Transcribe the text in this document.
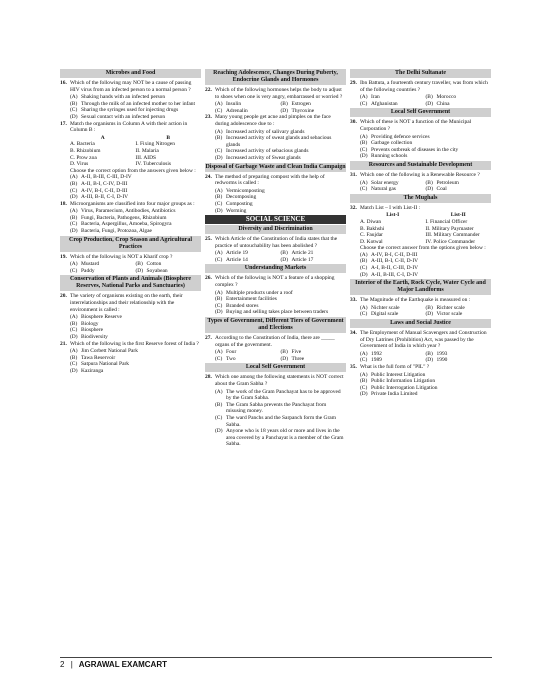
Microbes and Food
16. Which of the following may NOT be a cause of passing HIV virus from an infected person to a normal person ?
(A) Shaking hands with an infected person
(B) Through the milk of an infected mother to her infant
(C) Sharing the syringes used for injecting drugs
(D) Sexual contact with an infected person
17. Match the organisms in Column A with their action in Column B :
A	B
A. Bacteria	I. Fixing Nitrogen
B. Rhizobium	II. Malaria
C. Prow zoa	III. AIDS
D. Virus	IV. Tuberculosis
Choose the correct option from the answers given below :
(A) A-II, B-III, C-III, D-IV
(B) A-II, B-I, C-IV, D-III
(C) A-IV, B-I, C-II, D-III
(D) A-III, B-II, C-I, D-IV
18. Microorganisms are classified into four major groups as :
(A) Virus, Paramecium, Antibodies, Antibiotics
(B) Fungi, Bacteria, Pathogens, Rhizobium
(C) Bacteria, Aspergillus, Amoeba, Spirogyra
(D) Bacteria, Fungi, Protozoa, Algae
Crop Production, Crop Season and Agricultural Practices
19. Which of the following is NOT a Kharif crop ?
(A) Mustard	(B) Cotton
(C) Paddy	(D) Soyabean
Conservation of Plants and Animals (Biosphere Reserves, National Parks and Sanctuaries)
20. The variety of organisms existing on the earth, their interrelationships and their relationship with the environment is called :
(A) Biosphere Reserve
(B) Biology
(C) Biosphere
(D) Biodiversity
21. Which of the following is the first Reserve forest of India ?
(A) Jim Corbett National Park
(B) Tawa Reservoir
(C) Satpura National Park
(D) Kaziranga
Reaching Adolescence, Changes During Puberty, Endocrine Glands and Hormones
22. Which of the following hormones helps the body to adjust to shoes when one is very angry, embarrassed or worried ?
(A) Insulin	(B) Estrogen
(C) Adrenalin	(D) Thyroxine
23. Many young people get acne and pimples on the face during adolescence due to :
(A) Increased activity of salivary glands
(B) Increased activity of sweat glands and sebacious glands
(C) Increased activity of sebacious glands
(D) Increased activity of Sweat glands
Disposal of Garbage Waste and Clean India Campaign
24. The method of preparing compost with the help of redworms is called :
(A) Vermicomposting
(B) Decomposing
(C) Composting
(D) Worming
SOCIAL SCIENCE
Diversity and Discrimination
25. Which Article of the Constitution of India states that the practice of untouchability has been abolished ?
(A) Article 19	(B) Article 21
(C) Article 14	(D) Article 17
Understanding Markets
26. Which of the following is NOT a feature of a shopping complex ?
(A) Multiple products under a roof
(B) Entertainment facilities
(C) Branded stores
(D) Buying and selling takes place between traders
Types of Government, Different Tiers of Government and Elections
27. According to the Constitution of India, there are _____ organs of the government.
(A) Four	(B) Five
(C) Two	(D) Three
Local Self Government
28. Which one among the following statements is NOT correct about the Gram Sabha ?
(A) The work of the Gram Panchayat has to be approved by the Gram Sabha.
(B) The Gram Sabha prevents the Panchayat from misusing money.
(C) The ward Panchs and the Sarpanch form the Gram Sabha.
(D) Anyone who is 18 years old or more and lives in the area covered by a Panchayat is a member of the Gram Sabha.
The Delhi Sultanate
29. Ibn Battuta, a fourteenth century traveller, was from which of the following countries ?
(A) Iran	(B) Morocco
(C) Afghanistan	(D) China
Local Self Government
30. Which of these is NOT a function of the Municipal Corporation ?
(A) Providing defence services
(B) Garbage collection
(C) Prevents outbreak of diseases in the city
(D) Running schools
Resources and Sustainable Development
31. Which one of the following is a Renewable Resource ?
(A) Solar energy	(B) Petroleum
(C) Natural gas	(D) Coal
The Mughals
32. Match List – I with List-II :
List-I	List-II
A. Diwan	I. Financial Officer
B. Bakhshi	II. Military Paymaster
C. Faujdar	III. Military Commander
D. Kotwal	IV. Police Commander
Choose the correct answer from the options given below :
(A) A-IV, B-I, C-II, D-III
(B) A-III, B-I, C-II, D-IV
(C) A-I, B-II, C-III, D-IV
(D) A-II, B-III, C-I, D-IV
Interior of the Earth, Rock Cycle, Water Cycle and Major Landforms
33. The Magnitude of the Earthquake is measured on :
(A) Nichter scale	(B) Richter scale
(C) Digital scale	(D) Victor scale
Laws and Social Justice
34. The Employment of Manual Scavengers and Construction of Dry Latrines (Prohibition) Act, was passed by the Government of India in which year ?
(A) 1992	(B) 1993
(C) 1989	(D) 1990
35. What is the full form of "PIL" ?
(A) Public Interest Litigation
(B) Public Information Litigation
(C) Public Interrogation Litigation
(D) Private India Limited
2 | AGRAWAL EXAMCART
